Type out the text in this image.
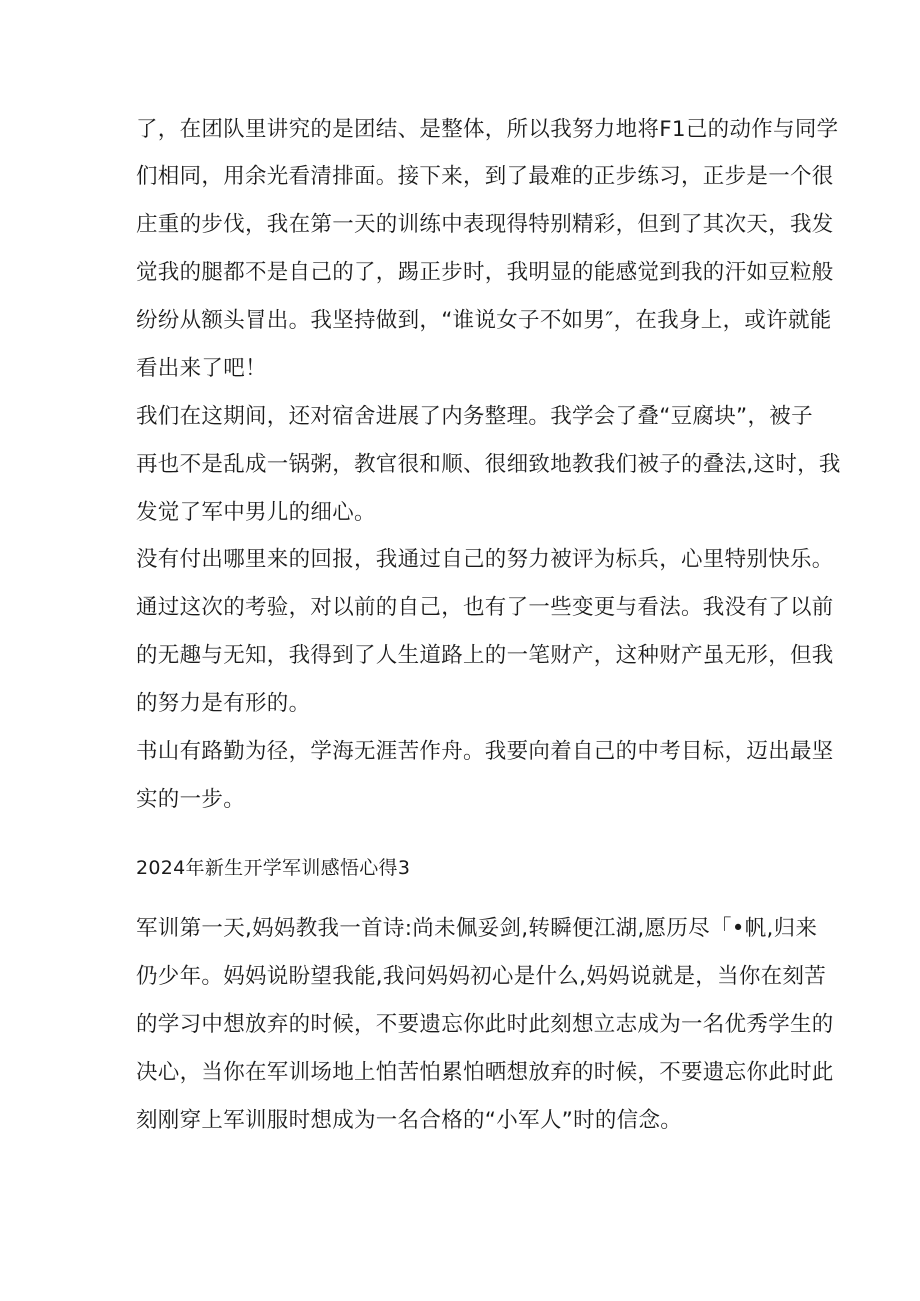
了，在团队里讲究的是团结、是整体，所以我努力地将F1己的动作与同学
们相同，用余光看清排面。接下来，到了最难的正步练习，正步是一个很
庄重的步伐，我在第一天的训练中表现得特别精彩，但到了其次天，我发
觉我的腿都不是自己的了，踢正步时，我明显的能感觉到我的汗如豆粒般
纷纷从额头冒出。我坚持做到，“谁说女子不如男″，在我身上，或许就能
看出来了吧！
我们在这期间，还对宿舍进展了内务整理。我学会了叠“豆腐块”，被子
再也不是乱成一锅粥，教官很和顺、很细致地教我们被子的叠法,这时，我
发觉了军中男儿的细心。
没有付出哪里来的回报，我通过自己的努力被评为标兵，心里特别快乐。
通过这次的考验，对以前的自己，也有了一些变更与看法。我没有了以前
的无趣与无知，我得到了人生道路上的一笔财产，这种财产虽无形，但我
的努力是有形的。
书山有路勤为径，学海无涯苦作舟。我要向着自己的中考目标，迈出最坚
实的一步。
2024年新生开学军训感悟心得3
军训第一天,妈妈教我一首诗:尚未佩妥剑,转瞬便江湖,愿历尽「•帆,归来
仍少年。妈妈说盼望我能,我问妈妈初心是什么,妈妈说就是，当你在刻苦
的学习中想放弃的时候，不要遗忘你此时此刻想立志成为一名优秀学生的
决心，当你在军训场地上怕苦怕累怕晒想放弃的时候，不要遗忘你此时此
刻刚穿上军训服时想成为一名合格的“小军人”时的信念。
